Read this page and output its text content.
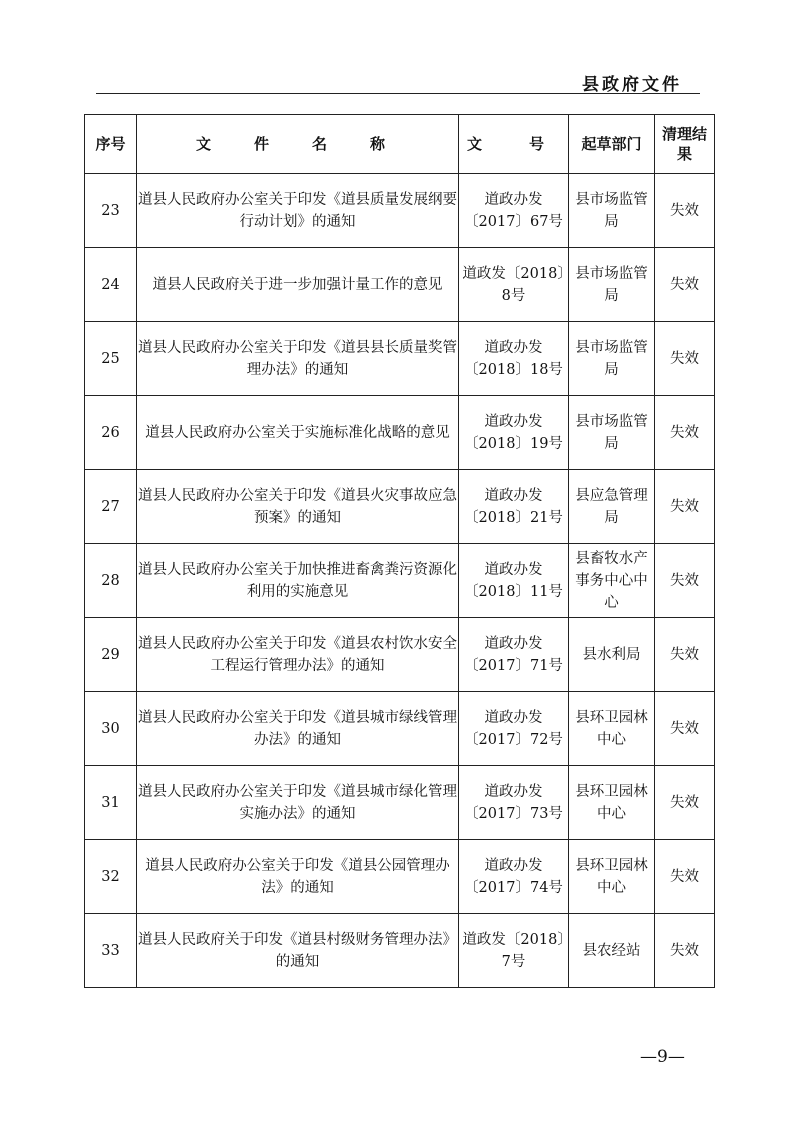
县政府文件
序号	文　件　名　称	文　号	起草部门	清理结果
23	道县人民政府办公室关于印发《道县质量发展纲要行动计划》的通知	道政办发〔2017〕67号	县市场监管局	失效
24	道县人民政府关于进一步加强计量工作的意见	道政发〔2018〕8号	县市场监管局	失效
25	道县人民政府办公室关于印发《道县县长质量奖管理办法》的通知	道政办发〔2018〕18号	县市场监管局	失效
26	道县人民政府办公室关于实施标准化战略的意见	道政办发〔2018〕19号	县市场监管局	失效
27	道县人民政府办公室关于印发《道县火灾事故应急预案》的通知	道政办发〔2018〕21号	县应急管理局	失效
28	道县人民政府办公室关于加快推进畜禽粪污资源化利用的实施意见	道政办发〔2018〕11号	县畜牧水产事务中心中心	失效
29	道县人民政府办公室关于印发《道县农村饮水安全工程运行管理办法》的通知	道政办发〔2017〕71号	县水利局	失效
30	道县人民政府办公室关于印发《道县城市绿线管理办法》的通知	道政办发〔2017〕72号	县环卫园林中心	失效
31	道县人民政府办公室关于印发《道县城市绿化管理实施办法》的通知	道政办发〔2017〕73号	县环卫园林中心	失效
32	道县人民政府办公室关于印发《道县公园管理办法》的通知	道政办发〔2017〕74号	县环卫园林中心	失效
33	道县人民政府关于印发《道县村级财务管理办法》的通知	道政发〔2018〕7号	县农经站	失效
—9—
